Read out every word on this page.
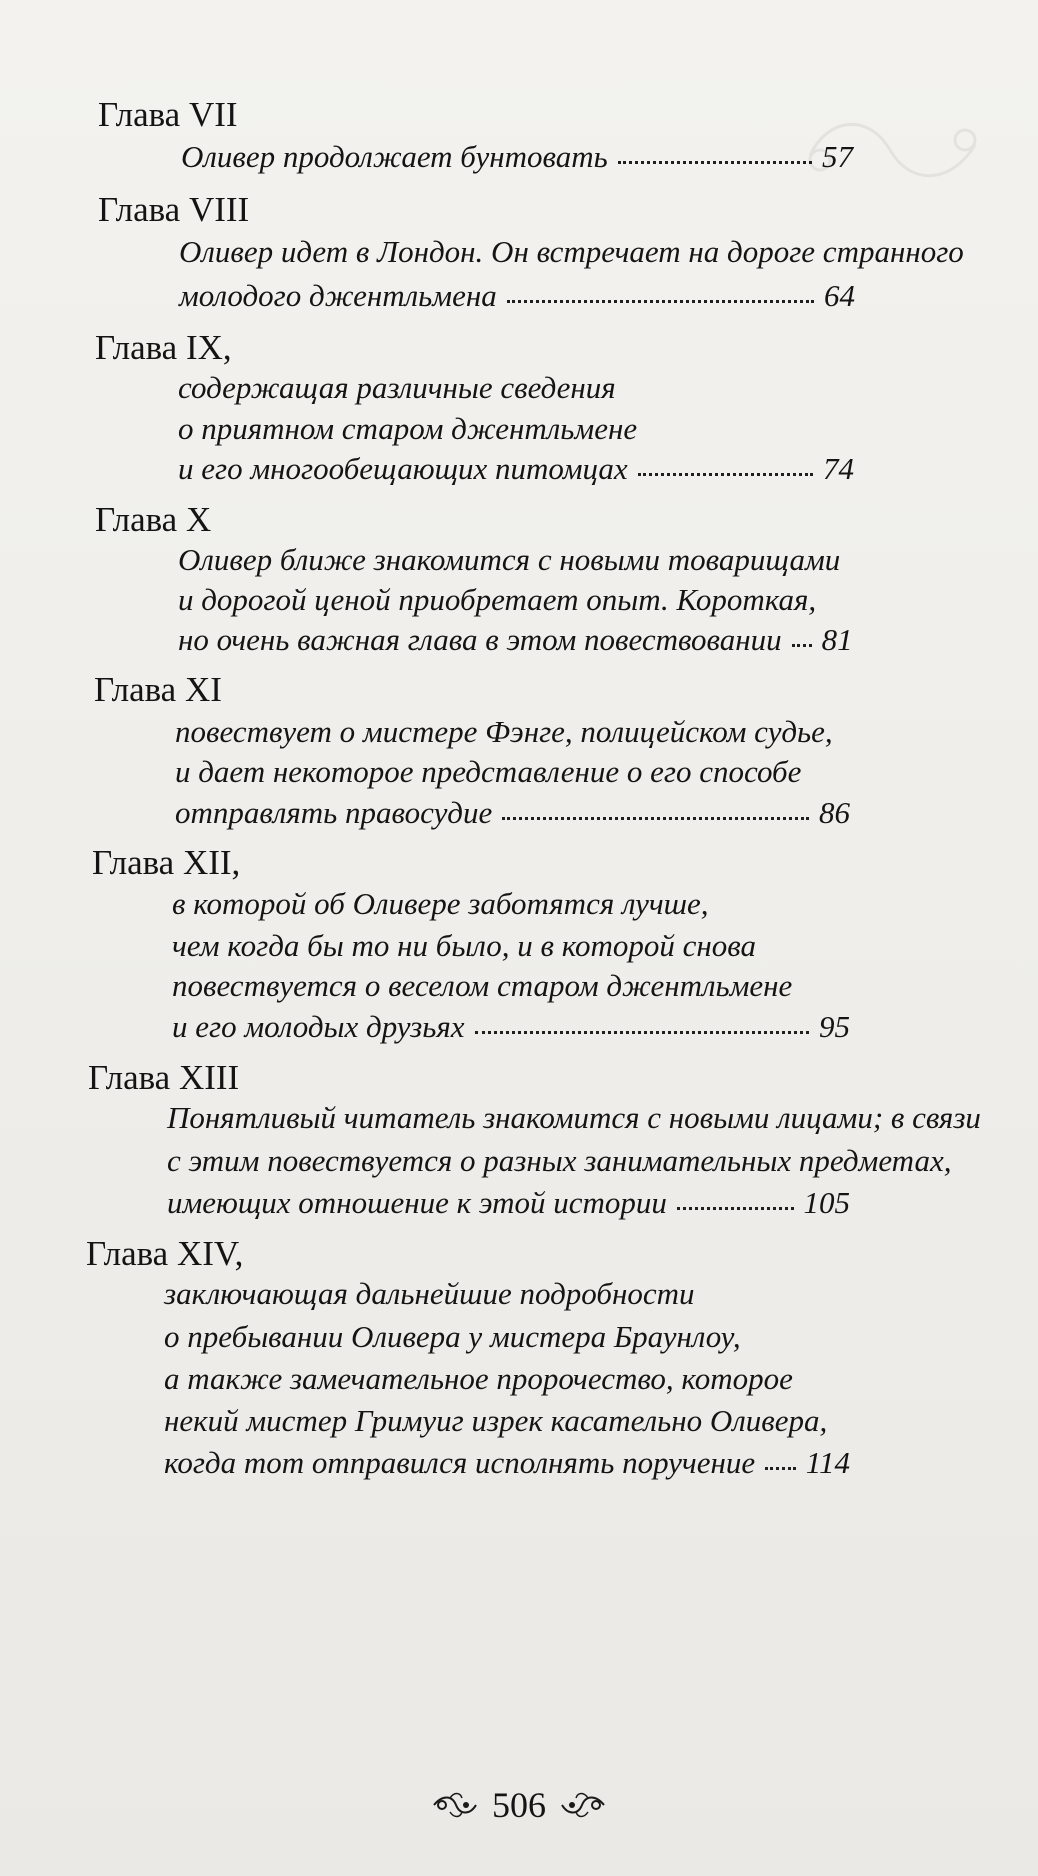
Глава VII
Оливер продолжает бунтовать	57
Глава VIII
Оливер идет в Лондон. Он встречает на дороге странного
молодого джентльмена	64
Глава IX,
содержащая различные сведения
о приятном старом джентльмене
и его многообещающих питомцах	74
Глава X
Оливер ближе знакомится с новыми товарищами
и дорогой ценой приобретает опыт. Короткая,
но очень важная глава в этом повествовании 81
Глава XI
повествует о мистере Фэнге, полицейском судье,
и дает некоторое представление о его способе
отправлять правосудие	86
Глава XII,
в которой об Оливере заботятся лучше,
чем когда бы то ни было, и в которой снова
повествуется о веселом старом джентльмене
и его молодых друзьях	95
Глава XIII
Понятливый читатель знакомится с новыми лицами; в связи
с этим повествуется о разных занимательных предметах,
имеющих отношение к этой истории	105
Глава XIV,
заключающая дальнейшие подробности
о пребывании Оливера у мистера Браунлоу,
а также замечательное пророчество, которое
некий мистер Гримуиг изрек касательно Оливера,
когда тот отправился исполнять поручение 114
506
